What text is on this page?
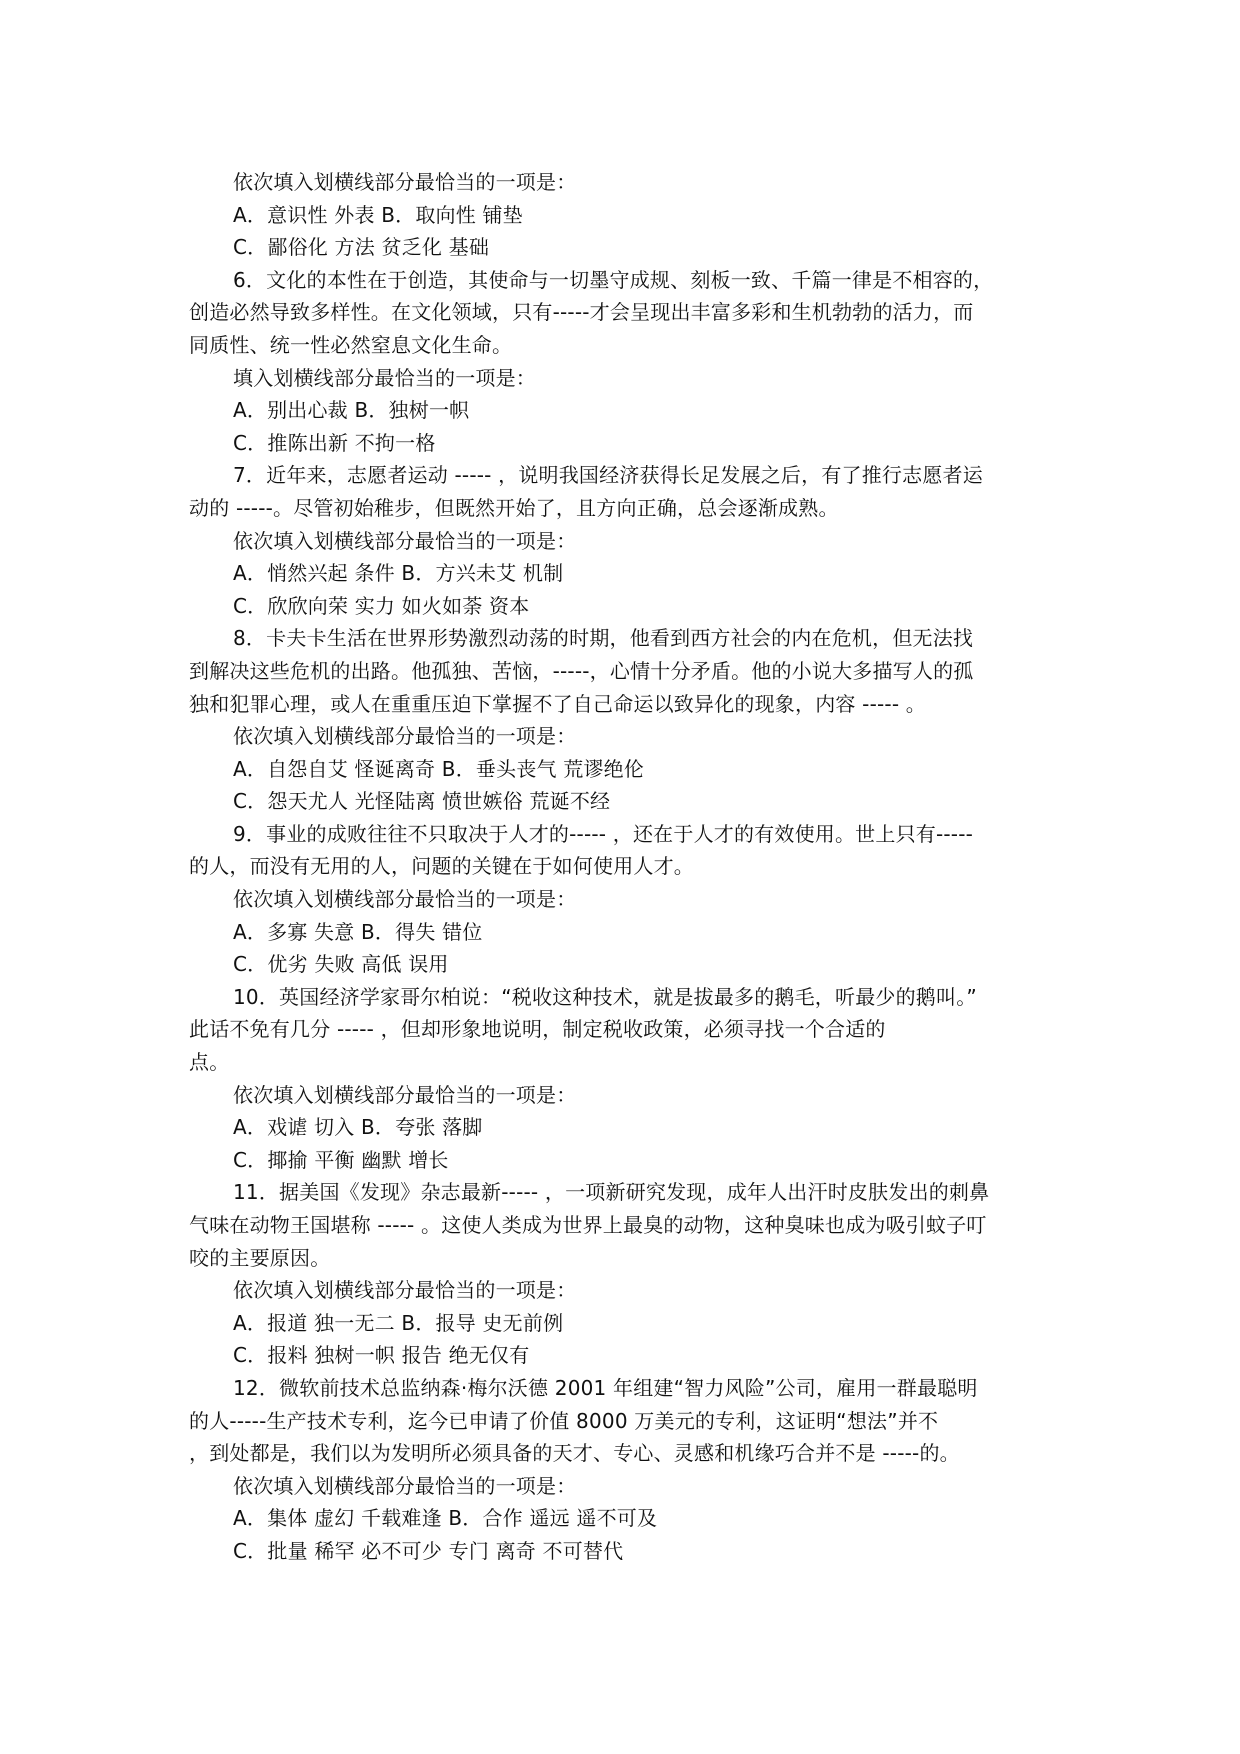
依次填入划横线部分最恰当的一项是：
A．意识性 外表 B．取向性 铺垫
C．鄙俗化 方法 贫乏化 基础
6．文化的本性在于创造，其使命与一切墨守成规、刻板一致、千篇一律是不相容的，
创造必然导致多样性。在文化领域，只有-----才会呈现出丰富多彩和生机勃勃的活力，而
同质性、统一性必然窒息文化生命。
填入划横线部分最恰当的一项是：
A．别出心裁 B．独树一帜
C．推陈出新 不拘一格
7．近年来，志愿者运动 ----- ，说明我国经济获得长足发展之后，有了推行志愿者运
动的 -----。尽管初始稚步，但既然开始了，且方向正确，总会逐渐成熟。
依次填入划横线部分最恰当的一项是：
A．悄然兴起 条件 B．方兴未艾 机制
C．欣欣向荣 实力 如火如荼 资本
8．卡夫卡生活在世界形势激烈动荡的时期，他看到西方社会的内在危机，但无法找
到解决这些危机的出路。他孤独、苦恼，-----，心情十分矛盾。他的小说大多描写人的孤
独和犯罪心理，或人在重重压迫下掌握不了自己命运以致异化的现象，内容 ----- 。
依次填入划横线部分最恰当的一项是：
A．自怨自艾 怪诞离奇 B．垂头丧气 荒谬绝伦
C．怨天尤人 光怪陆离 愤世嫉俗 荒诞不经
9．事业的成败往往不只取决于人才的----- ，还在于人才的有效使用。世上只有-----
的人，而没有无用的人，问题的关键在于如何使用人才。
依次填入划横线部分最恰当的一项是：
A．多寡 失意 B．得失 错位
C．优劣 失败 高低 误用
10．英国经济学家哥尔柏说：“税收这种技术，就是拔最多的鹅毛，听最少的鹅叫。”
此话不免有几分 ----- ，但却形象地说明，制定税收政策，必须寻找一个合适的
点。
依次填入划横线部分最恰当的一项是：
A．戏谑 切入 B．夸张 落脚
C．揶揄 平衡 幽默 增长
11．据美国《发现》杂志最新----- ，一项新研究发现，成年人出汗时皮肤发出的刺鼻
气味在动物王国堪称 ----- 。这使人类成为世界上最臭的动物，这种臭味也成为吸引蚊子叮
咬的主要原因。
依次填入划横线部分最恰当的一项是：
A．报道 独一无二 B．报导 史无前例
C．报料 独树一帜 报告 绝无仅有
12．微软前技术总监纳森·梅尔沃德 2001 年组建“智力风险”公司，雇用一群最聪明
的人-----生产技术专利，迄今已申请了价值 8000 万美元的专利，这证明“想法”并不
，到处都是，我们以为发明所必须具备的天才、专心、灵感和机缘巧合并不是 -----的。
依次填入划横线部分最恰当的一项是：
A．集体 虚幻 千载难逢 B．合作 遥远 遥不可及
C．批量 稀罕 必不可少 专门 离奇 不可替代
